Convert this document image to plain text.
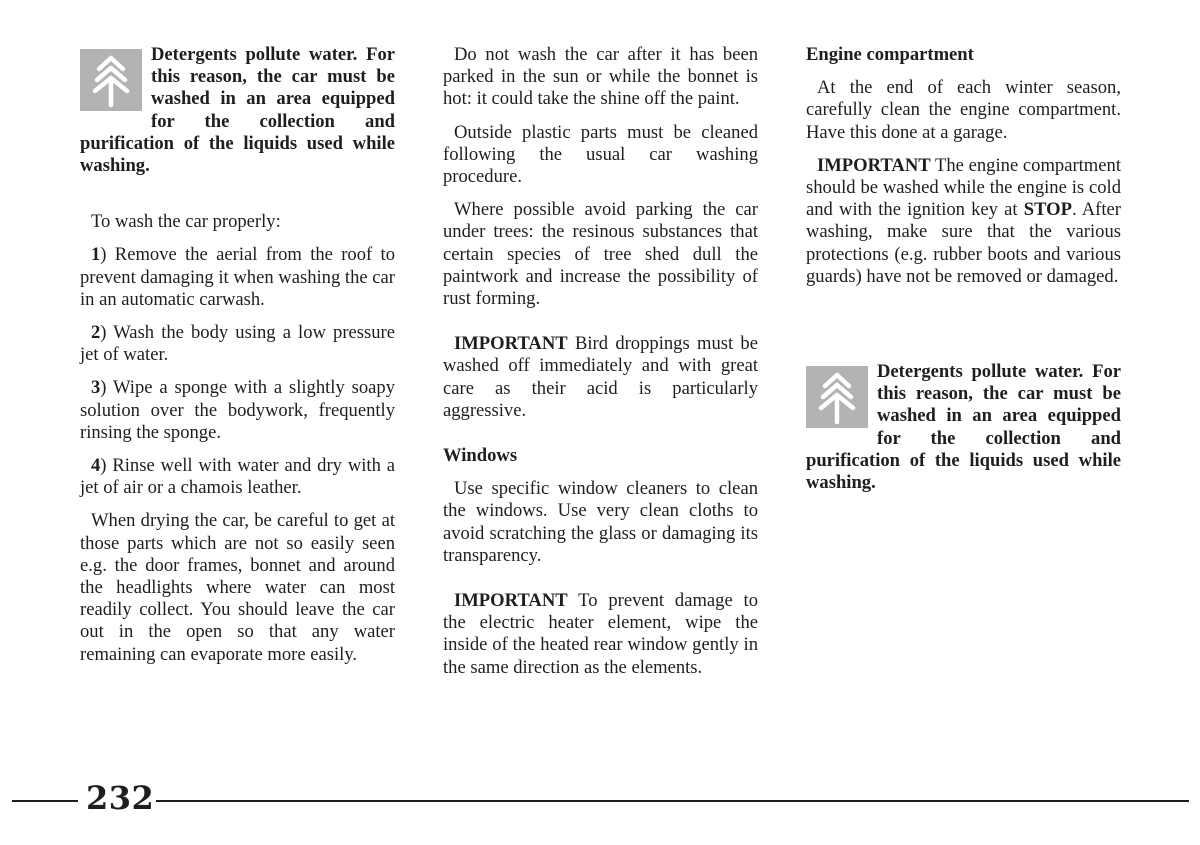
Detergents pollute water. For this reason, the car must be washed in an area equipped for the collection and purification of the liquids used while washing.

To wash the car properly:

1) Remove the aerial from the roof to prevent damaging it when washing the car in an automatic carwash.

2) Wash the body using a low pressure jet of water.

3) Wipe a sponge with a slightly soapy solution over the bodywork, frequently rinsing the sponge.

4) Rinse well with water and dry with a jet of air or a chamois leather.

When drying the car, be careful to get at those parts which are not so easily seen e.g. the door frames, bonnet and around the headlights where water can most readily collect. You should leave the car out in the open so that any water remaining can evaporate more easily.

Do not wash the car after it has been parked in the sun or while the bonnet is hot: it could take the shine off the paint.

Outside plastic parts must be cleaned following the usual car washing procedure.

Where possible avoid parking the car under trees: the resinous substances that certain species of tree shed dull the paintwork and increase the possibility of rust forming.

IMPORTANT Bird droppings must be washed off immediately and with great care as their acid is particularly aggressive.

Windows

Use specific window cleaners to clean the windows. Use very clean cloths to avoid scratching the glass or damaging its transparency.

IMPORTANT To prevent damage to the electric heater element, wipe the inside of the heated rear window gently in the same direction as the elements.

Engine compartment

At the end of each winter season, carefully clean the engine compartment. Have this done at a garage.

IMPORTANT The engine compartment should be washed while the engine is cold and with the ignition key at STOP. After washing, make sure that the various protections (e.g. rubber boots and various guards) have not be removed or damaged.

Detergents pollute water. For this reason, the car must be washed in an area equipped for the collection and purification of the liquids used while washing.
232
